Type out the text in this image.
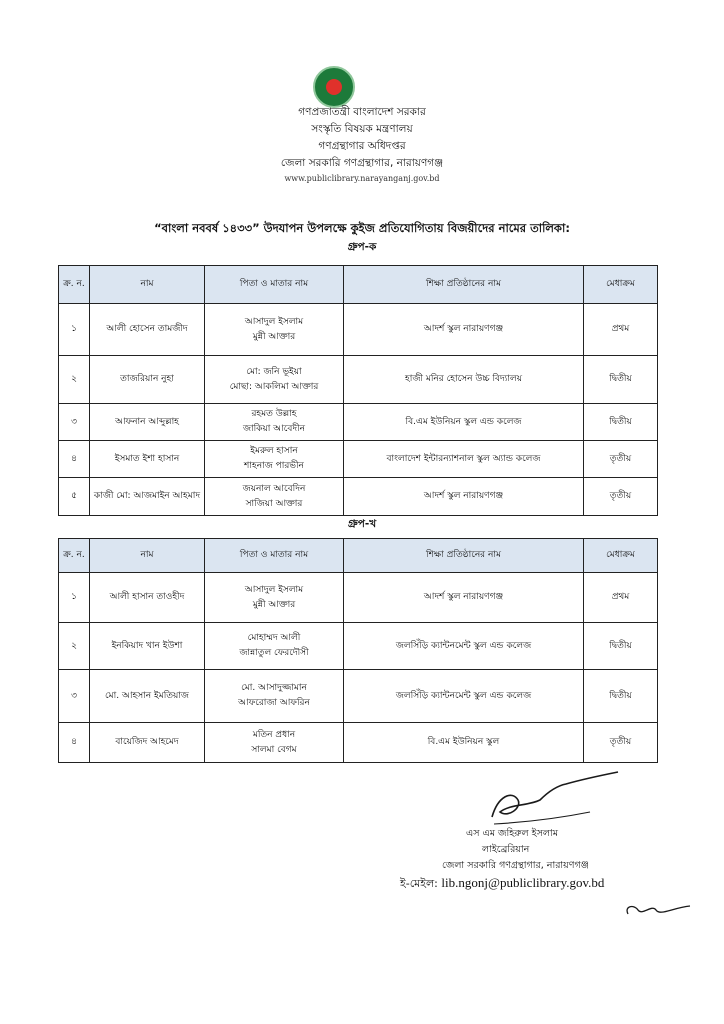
গণপ্রজাতন্ত্রী বাংলাদেশ সরকার
সংস্কৃতি বিষয়ক মন্ত্রণালয়
গণগ্রন্থাগার অধিদপ্তর
জেলা সরকারি গণগ্রন্থাগার, নারায়ণগঞ্জ
www.publiclibrary.narayanganj.gov.bd
“বাংলা নববর্ষ ১৪৩৩” উদযাপন উপলক্ষে কুইজ প্রতিযোগিতায় বিজয়ীদের নামের তালিকা:
গ্রুপ-ক
ক্র. ন.	নাম	পিতা ও মাতার নাম	শিক্ষা প্রতিষ্ঠানের নাম	মেধাক্রম
১	আলী হোসেন তামজীদ	আসাদুল ইসলাম
মুন্নী আক্তার	আদর্শ স্কুল নারায়ণগঞ্জ	প্রথম
২	তাজরিয়ান নুহা	মো: জনি ভূইয়া
মোছা: আকলিমা আক্তার	হাজী মনির হোসেন উচ্চ বিদ্যালয়	দ্বিতীয়
৩	আফনান আব্দুল্লাহ	রহমত উল্লাহ
জাকিয়া আবেদীন	বি.এম ইউনিয়ন স্কুল এন্ড কলেজ	দ্বিতীয়
৪	ইসমাত ইশা হাসান	ইমরুল হাসান
শাহনাজ পারভীন	বাংলাদেশ ইন্টারন্যাশনাল স্কুল অ্যান্ড কলেজ	তৃতীয়
৫	কাজী মো: আজমাইন আহমাদ	জয়নাল আবেদিন
সাজিয়া আক্তার	আদর্শ স্কুল নারায়ণগঞ্জ	তৃতীয়
গ্রুপ-খ
ক্র. ন.	নাম	পিতা ও মাতার নাম	শিক্ষা প্রতিষ্ঠানের নাম	মেধাক্রম
১	আলী হাসান তাওহীদ	আসাদুল ইসলাম
মুন্নী আক্তার	আদর্শ স্কুল নারায়ণগঞ্জ	প্রথম
২	ইনকিয়াদ খান ইউশা	মোহাম্মদ আলী
জান্নাতুল ফেরদৌসী	জলসিঁড়ি ক্যান্টনমেন্ট স্কুল এন্ড কলেজ	দ্বিতীয়
৩	মো. আহসান ইমতিয়াজ	মো. আসাদুজ্জামান
আফরোজা আফরিন	জলসিঁড়ি ক্যান্টনমেন্ট স্কুল এন্ড কলেজ	দ্বিতীয়
৪	বায়েজিদ আহমেদ	মতিন প্রধান
সালমা বেগম	বি.এম ইউনিয়ন স্কুল	তৃতীয়
এস এম জহিরুল ইসলাম
লাইব্রেরিয়ান
জেলা সরকারি গণগ্রন্থাগার, নারায়ণগঞ্জ
ই-মেইল: lib.ngonj@publiclibrary.gov.bd
